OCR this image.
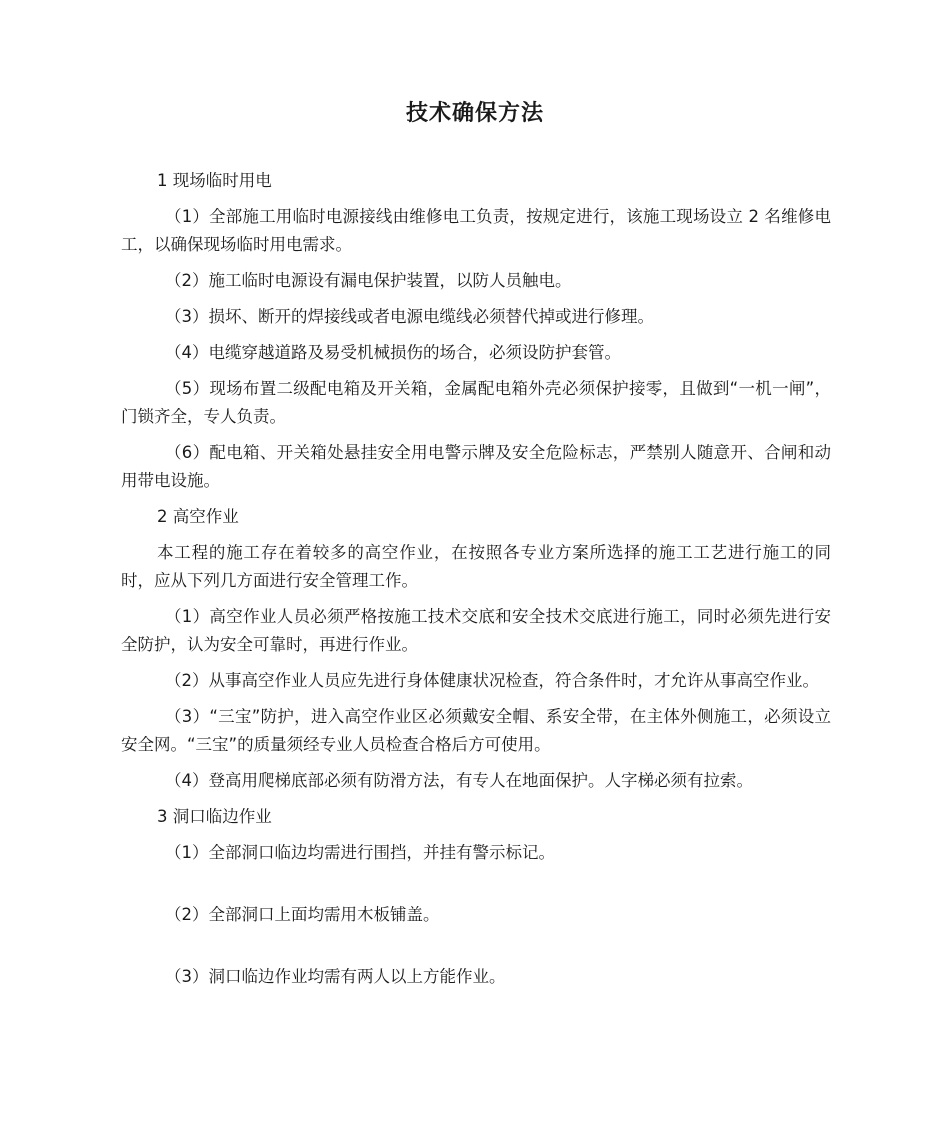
技术确保方法

1 现场临时用电

（1）全部施工用临时电源接线由维修电工负责，按规定进行，该施工现场设立 2 名维修电工，以确保现场临时用电需求。

（2）施工临时电源设有漏电保护装置，以防人员触电。

（3）损坏、断开的焊接线或者电源电缆线必须替代掉或进行修理。

（4）电缆穿越道路及易受机械损伤的场合，必须设防护套管。

（5）现场布置二级配电箱及开关箱，金属配电箱外壳必须保护接零，且做到“一机一闸”，门锁齐全，专人负责。

（6）配电箱、开关箱处悬挂安全用电警示牌及安全危险标志，严禁别人随意开、合闸和动用带电设施。

2 高空作业

本工程的施工存在着较多的高空作业，在按照各专业方案所选择的施工工艺进行施工的同时，应从下列几方面进行安全管理工作。

（1）高空作业人员必须严格按施工技术交底和安全技术交底进行施工，同时必须先进行安全防护，认为安全可靠时，再进行作业。

（2）从事高空作业人员应先进行身体健康状况检查，符合条件时，才允许从事高空作业。

（3）“三宝”防护，进入高空作业区必须戴安全帽、系安全带，在主体外侧施工，必须设立安全网。“三宝”的质量须经专业人员检查合格后方可使用。

（4）登高用爬梯底部必须有防滑方法，有专人在地面保护。人字梯必须有拉索。

3 洞口临边作业

（1）全部洞口临边均需进行围挡，并挂有警示标记。

（2）全部洞口上面均需用木板铺盖。

（3）洞口临边作业均需有两人以上方能作业。
